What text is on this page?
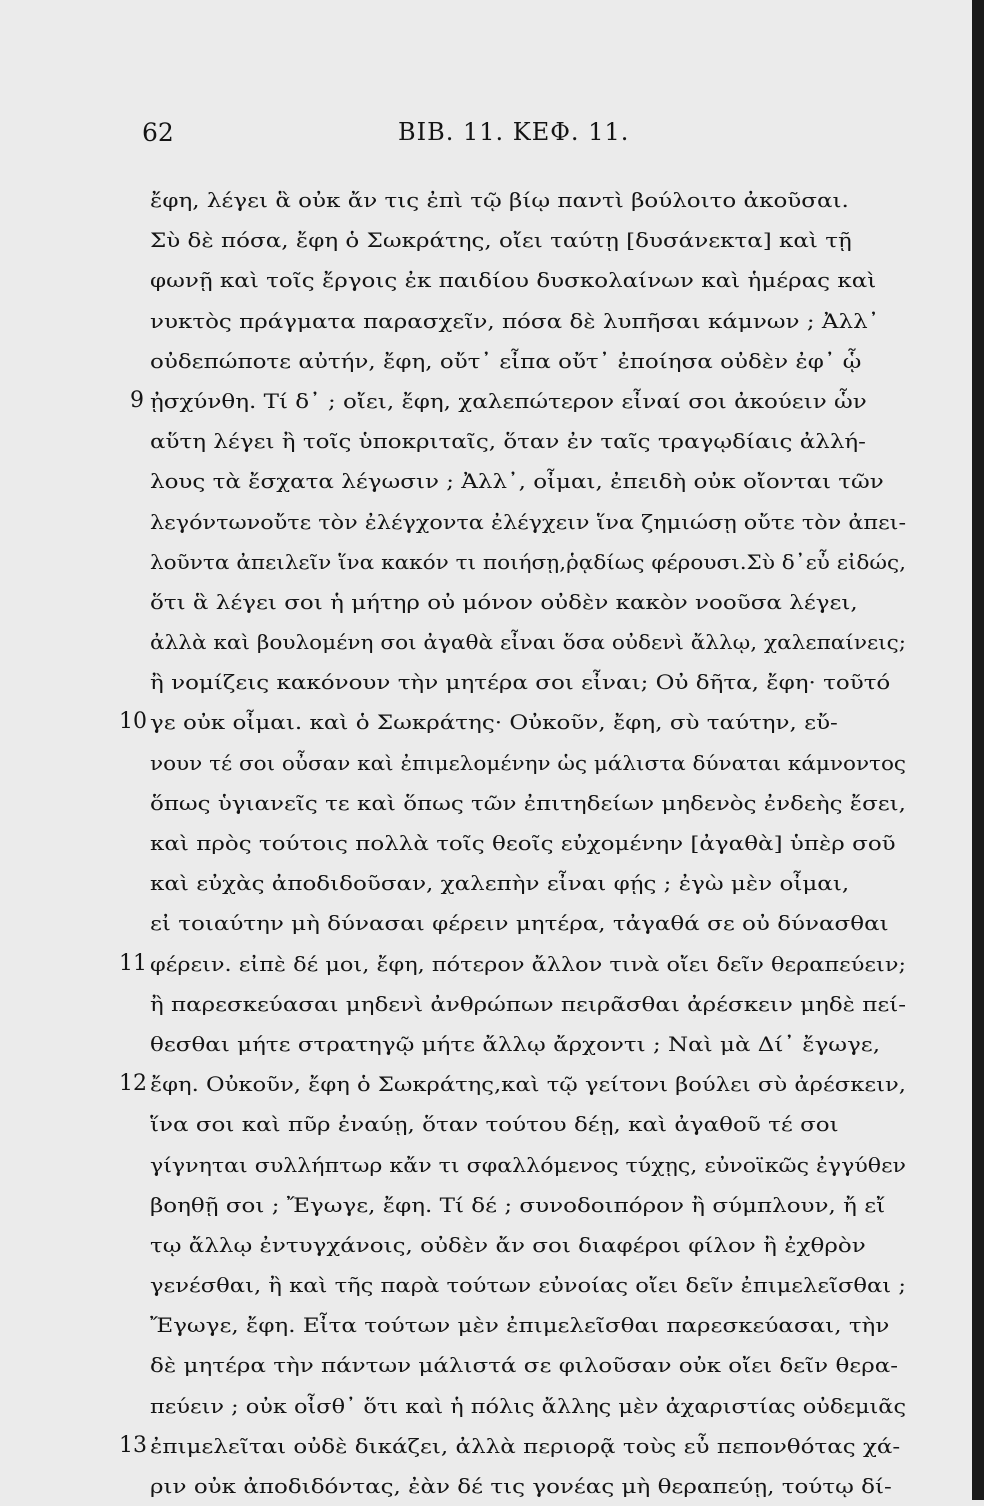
62	ΒΙΒ. 11. ΚΕΦ. 11.
ἔφη, λέγει ἃ οὐκ ἄν τις ἐπὶ τῷ βίῳ παντὶ βούλοιτο ἀκοῦσαι.
Σὺ δὲ πόσα, ἔφη ὁ Σωκράτης, οἴει ταύτῃ [δυσάνεκτα] καὶ τῇ
φωνῇ καὶ τοῖς ἔργοις ἐκ παιδίου δυσκολαίνων καὶ ἡμέρας καὶ
νυκτὸς πράγματα παρασχεῖν, πόσα δὲ λυπῆσαι κάμνων ; Ἀλλ᾽
οὐδεπώποτε αὐτήν, ἔφη, οὔτ᾽ εἶπα οὔτ᾽ ἐποίησα οὐδὲν ἐφ᾽ ᾧ
9 ᾐσχύνθη. Τί δ᾽ ; οἴει, ἔφη, χαλεπώτερον εἶναί σοι ἀκούειν ὧν
αὕτη λέγει ἢ τοῖς ὑποκριταῖς, ὅταν ἐν ταῖς τραγῳδίαις ἀλλή-
λους τὰ ἔσχατα λέγωσιν ; Ἀλλ᾽, οἶμαι, ἐπειδὴ οὐκ οἴονται τῶν
λεγόντωνοὔτε τὸν ἐλέγχοντα ἐλέγχειν ἵνα ζημιώσῃ οὔτε τὸν ἀπει-
λοῦντα ἀπειλεῖν ἵνα κακόν τι ποιήσῃ,ῥᾳδίως φέρουσι.Σὺ δ᾽εὖ εἰδώς,
ὅτι ἃ λέγει σοι ἡ μήτηρ οὐ μόνον οὐδὲν κακὸν νοοῦσα λέγει,
ἀλλὰ καὶ βουλομένη σοι ἀγαθὰ εἶναι ὅσα οὐδενὶ ἄλλῳ, χαλεπαίνεις;
ἢ νομίζεις κακόνουν τὴν μητέρα σοι εἶναι; Οὐ δῆτα, ἔφη· τοῦτό
10 γε οὐκ οἶμαι. καὶ ὁ Σωκράτης· Οὐκοῦν, ἔφη, σὺ ταύτην, εὔ-
νουν τέ σοι οὖσαν καὶ ἐπιμελομένην ὡς μάλιστα δύναται κάμνοντος
ὅπως ὑγιανεῖς τε καὶ ὅπως τῶν ἐπιτηδείων μηδενὸς ἐνδεὴς ἔσει,
καὶ πρὸς τούτοις πολλὰ τοῖς θεοῖς εὐχομένην [ἀγαθὰ] ὑπὲρ σοῦ
καὶ εὐχὰς ἀποδιδοῦσαν, χαλεπὴν εἶναι φῄς ; ἐγὼ μὲν οἶμαι,
εἰ τοιαύτην μὴ δύνασαι φέρειν μητέρα, τἀγαθά σε οὐ δύνασθαι
11 φέρειν. εἰπὲ δέ μοι, ἔφη, πότερον ἄλλον τινὰ οἴει δεῖν θεραπεύειν;
ἢ παρεσκεύασαι μηδενὶ ἀνθρώπων πειρᾶσθαι ἀρέσκειν μηδὲ πεί-
θεσθαι μήτε στρατηγῷ μήτε ἄλλῳ ἄρχοντι ; Ναὶ μὰ Δί᾽ ἔγωγε,
12 ἔφη. Οὐκοῦν, ἔφη ὁ Σωκράτης,καὶ τῷ γείτονι βούλει σὺ ἀρέσκειν,
ἵνα σοι καὶ πῦρ ἐναύῃ, ὅταν τούτου δέῃ, καὶ ἀγαθοῦ τέ σοι
γίγνηται συλλήπτωρ κἄν τι σφαλλόμενος τύχῃς, εὐνοϊκῶς ἐγγύθεν
βοηθῇ σοι ; Ἔγωγε, ἔφη. Τί δέ ; συνοδοιπόρον ἢ σύμπλουν, ἤ εἴ
τῳ ἄλλῳ ἐντυγχάνοις, οὐδὲν ἄν σοι διαφέροι φίλον ἢ ἐχθρὸν
γενέσθαι, ἢ καὶ τῆς παρὰ τούτων εὐνοίας οἴει δεῖν ἐπιμελεῖσθαι ;
Ἔγωγε, ἔφη. Εἶτα τούτων μὲν ἐπιμελεῖσθαι παρεσκεύασαι, τὴν
δὲ μητέρα τὴν πάντων μάλιστά σε φιλοῦσαν οὐκ οἴει δεῖν θερα-
πεύειν ; οὐκ οἶσθ᾽ ὅτι καὶ ἡ πόλις ἄλλης μὲν ἀχαριστίας οὐδεμιᾶς
13 ἐπιμελεῖται οὐδὲ δικάζει, ἀλλὰ περιορᾷ τοὺς εὖ πεπονθότας χά-
ριν οὐκ ἀποδιδόντας, ἐὰν δέ τις γονέας μὴ θεραπεύῃ, τούτῳ δί-
